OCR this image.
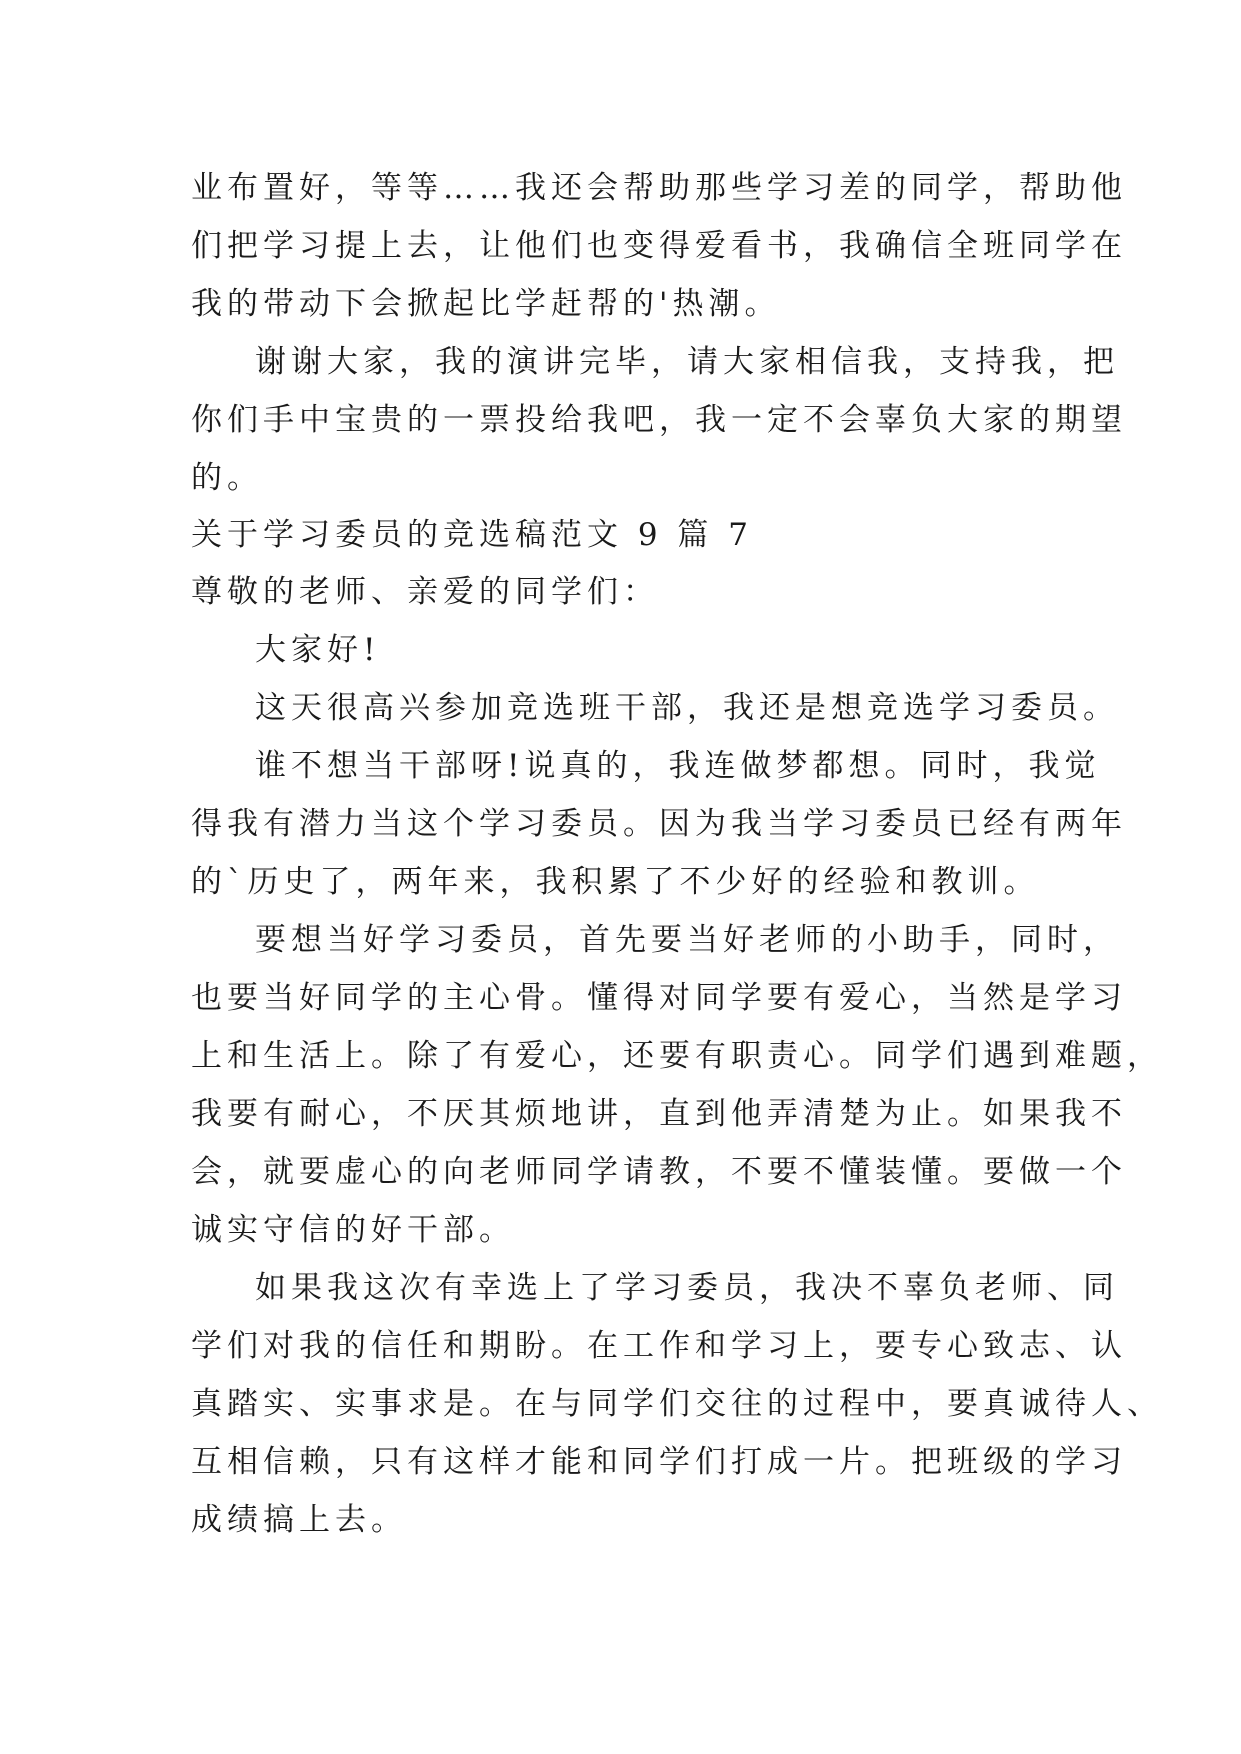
业布置好，等等……我还会帮助那些学习差的同学，帮助他
们把学习提上去，让他们也变得爱看书，我确信全班同学在
我的带动下会掀起比学赶帮的'热潮。
谢谢大家，我的演讲完毕，请大家相信我，支持我，把
你们手中宝贵的一票投给我吧，我一定不会辜负大家的期望
的。
关于学习委员的竞选稿范文 9 篇 7
尊敬的老师、亲爱的同学们：
大家好!
这天很高兴参加竞选班干部，我还是想竞选学习委员。
谁不想当干部呀!说真的，我连做梦都想。同时，我觉
得我有潜力当这个学习委员。因为我当学习委员已经有两年
的`历史了，两年来，我积累了不少好的经验和教训。
要想当好学习委员，首先要当好老师的小助手，同时，
也要当好同学的主心骨。懂得对同学要有爱心，当然是学习
上和生活上。除了有爱心，还要有职责心。同学们遇到难题，
我要有耐心，不厌其烦地讲，直到他弄清楚为止。如果我不
会，就要虚心的向老师同学请教，不要不懂装懂。要做一个
诚实守信的好干部。
如果我这次有幸选上了学习委员，我决不辜负老师、同
学们对我的信任和期盼。在工作和学习上，要专心致志、认
真踏实、实事求是。在与同学们交往的过程中，要真诚待人、
互相信赖，只有这样才能和同学们打成一片。把班级的学习
成绩搞上去。
